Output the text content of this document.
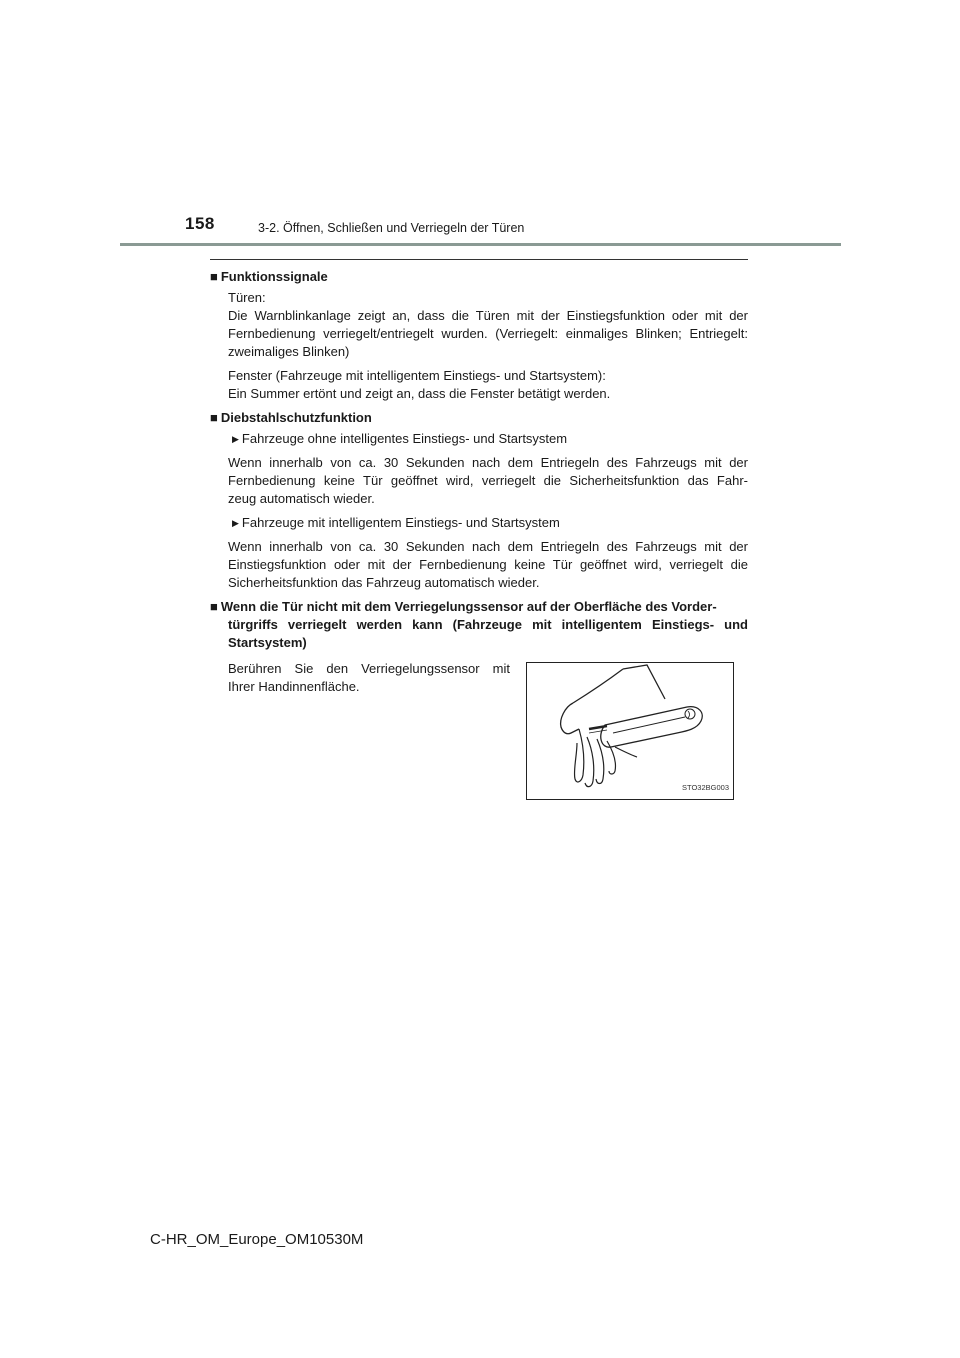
158	3-2. Öffnen, Schließen und Verriegeln der Türen
■ Funktionssignale
Türen:
Die Warnblinkanlage zeigt an, dass die Türen mit der Einstiegsfunktion oder mit der
Fernbedienung verriegelt/entriegelt wurden. (Verriegelt: einmaliges Blinken; Entriegelt:
zweimaliges Blinken)
Fenster (Fahrzeuge mit intelligentem Einstiegs- und Startsystem):
Ein Summer ertönt und zeigt an, dass die Fenster betätigt werden.
■ Diebstahlschutzfunktion
▶ Fahrzeuge ohne intelligentes Einstiegs- und Startsystem
Wenn innerhalb von ca. 30 Sekunden nach dem Entriegeln des Fahrzeugs mit der
Fernbedienung keine Tür geöffnet wird, verriegelt die Sicherheitsfunktion das Fahr-
zeug automatisch wieder.
▶ Fahrzeuge mit intelligentem Einstiegs- und Startsystem
Wenn innerhalb von ca. 30 Sekunden nach dem Entriegeln des Fahrzeugs mit der
Einstiegsfunktion oder mit der Fernbedienung keine Tür geöffnet wird, verriegelt die
Sicherheitsfunktion das Fahrzeug automatisch wieder.
■ Wenn die Tür nicht mit dem Verriegelungssensor auf der Oberfläche des Vorder-

türgriffs verriegelt werden kann (Fahrzeuge mit intelligentem Einstiegs- und
Startsystem)
Berühren Sie den Verriegelungssensor mit
Ihrer Handinnenfläche.
STO32BG003
C-HR_OM_Europe_OM10530M
